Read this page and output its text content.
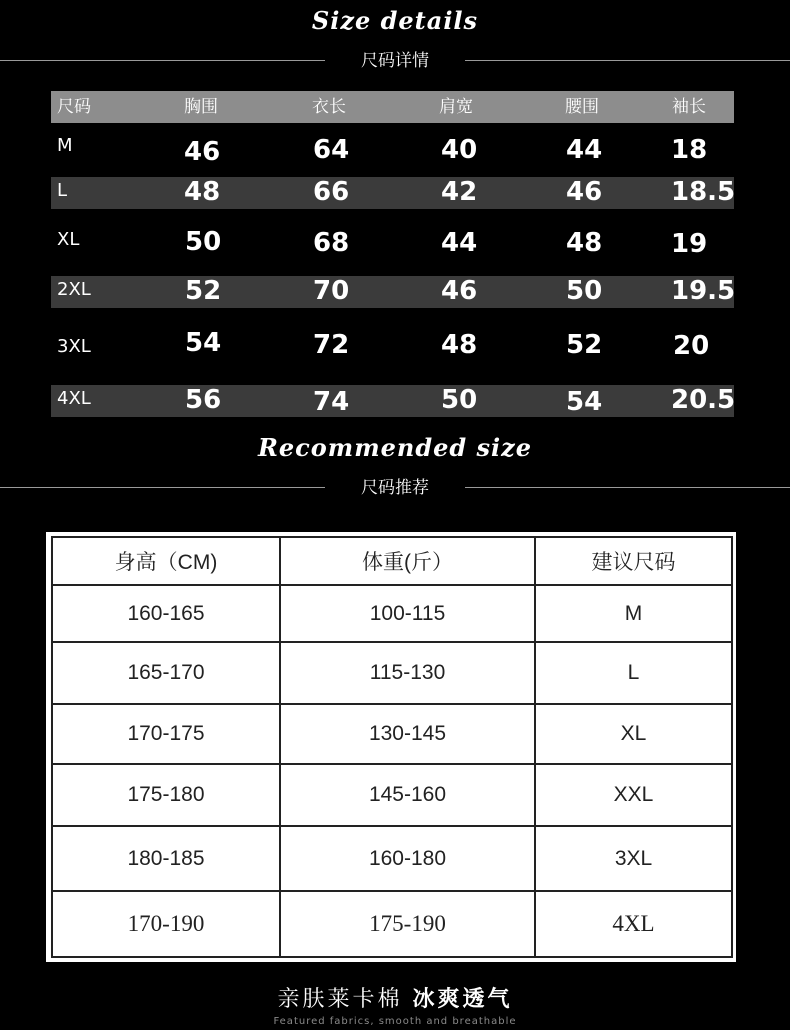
Size details
尺码详情
尺码	胸围	衣长	肩宽	腰围	袖长
M	46	64	40	44	18
L	48	66	42	46	18.5
XL	50	68	44	48	19
2XL	52	70	46	50	19.5
3XL	54	72	48	52	20
4XL	56	74	50	54	20.5
Recommended size
尺码推荐
身高（CM)	体重(斤）	建议尺码
160-165	100-115	M
165-170	115-130	L
170-175	130-145	XL
175-180	145-160	XXL
180-185	160-180	3XL
170-190	175-190	4XL
亲肤莱卡棉 冰爽透气
Featured fabrics, smooth and breathable
